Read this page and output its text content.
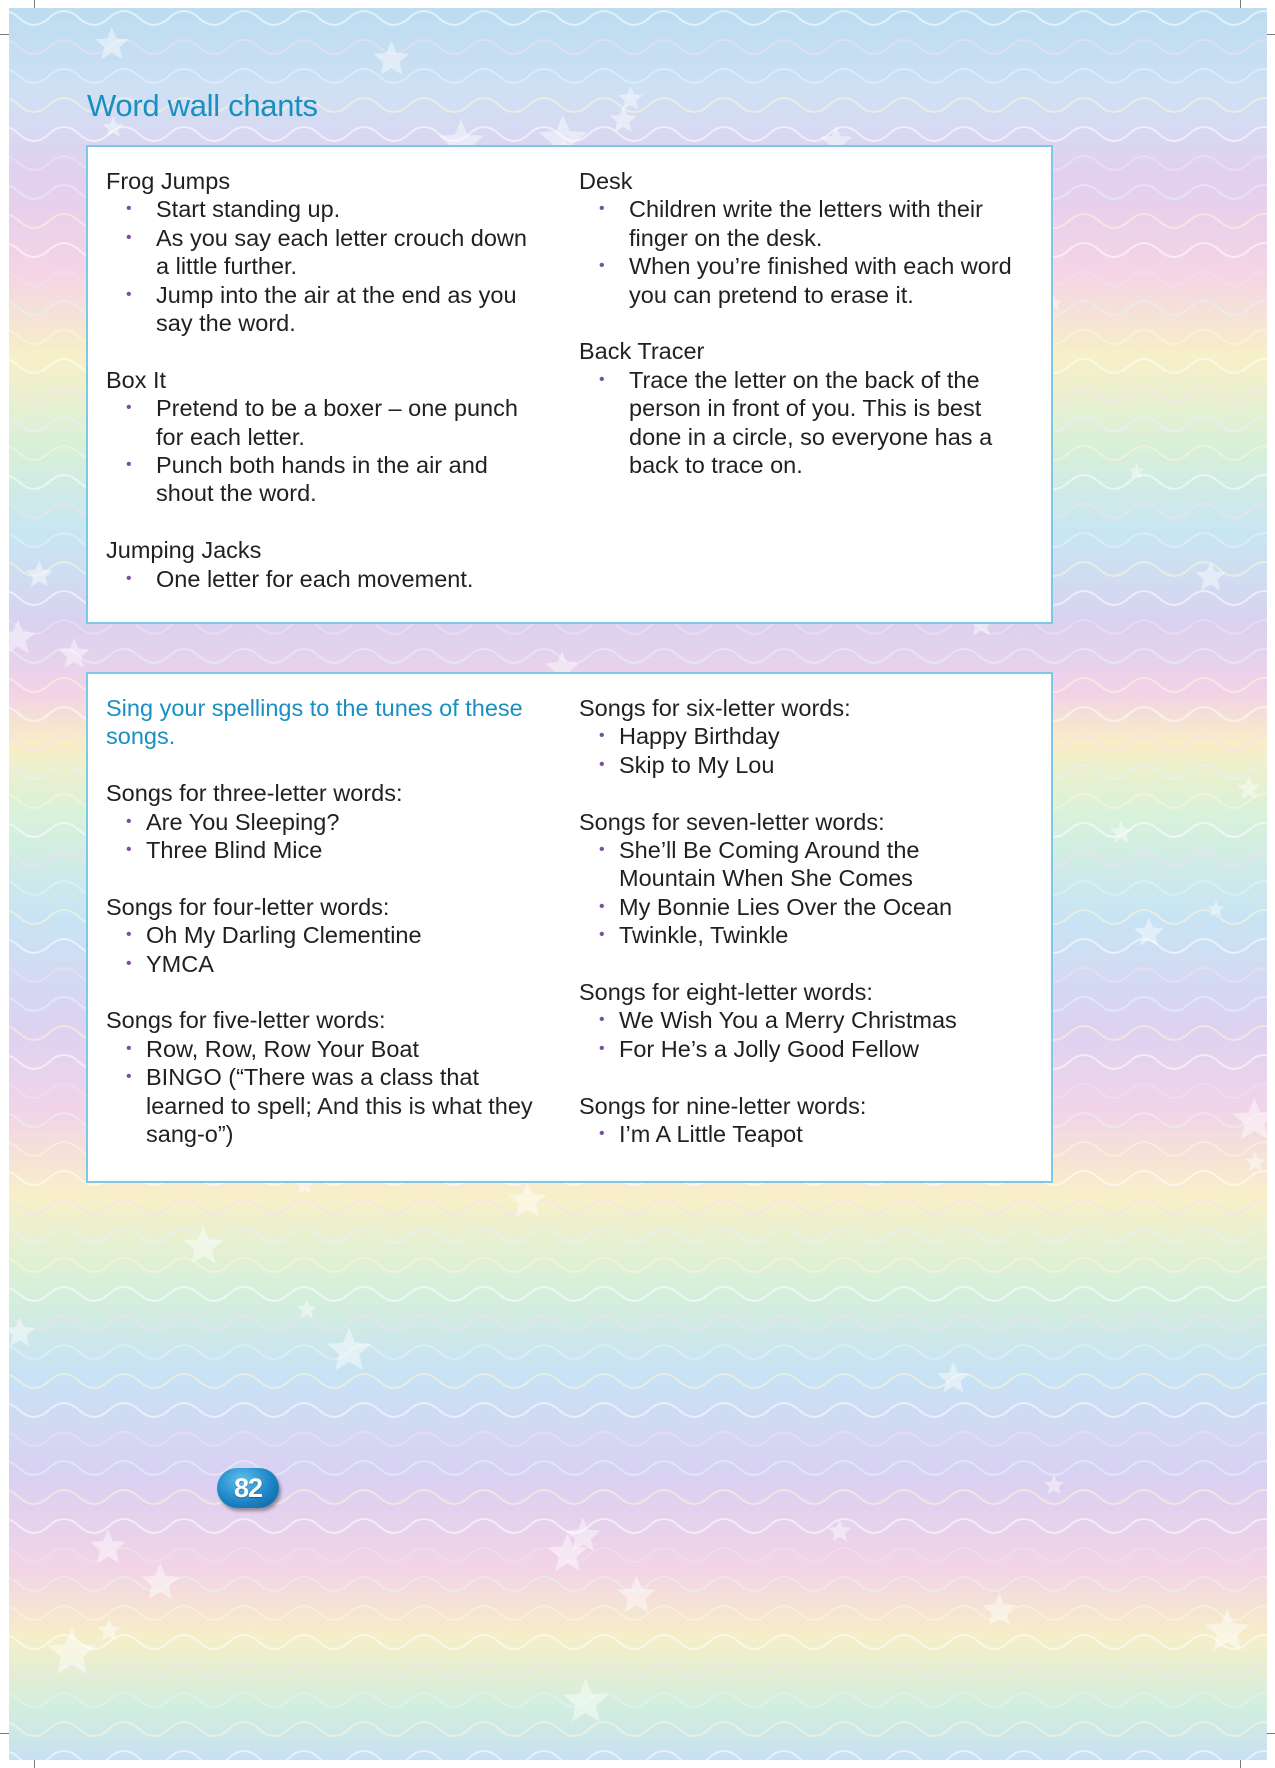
Word wall chants
Frog Jumps
• Start standing up.
• As you say each letter crouch down a little further.
• Jump into the air at the end as you say the word.
Box It
• Pretend to be a boxer – one punch for each letter.
• Punch both hands in the air and shout the word.
Jumping Jacks
• One letter for each movement.
Desk
• Children write the letters with their finger on the desk.
• When you’re finished with each word you can pretend to erase it.
Back Tracer
• Trace the letter on the back of the person in front of you. This is best done in a circle, so everyone has a back to trace on.
Sing your spellings to the tunes of these songs.
Songs for three-letter words:
• Are You Sleeping?
• Three Blind Mice
Songs for four-letter words:
• Oh My Darling Clementine
• YMCA
Songs for five-letter words:
• Row, Row, Row Your Boat
• BINGO (“There was a class that learned to spell; And this is what they sang-o”)
Songs for six-letter words:
• Happy Birthday
• Skip to My Lou
Songs for seven-letter words:
• She’ll Be Coming Around the Mountain When She Comes
• My Bonnie Lies Over the Ocean
• Twinkle, Twinkle
Songs for eight-letter words:
• We Wish You a Merry Christmas
• For He’s a Jolly Good Fellow
Songs for nine-letter words:
• I’m A Little Teapot
82
